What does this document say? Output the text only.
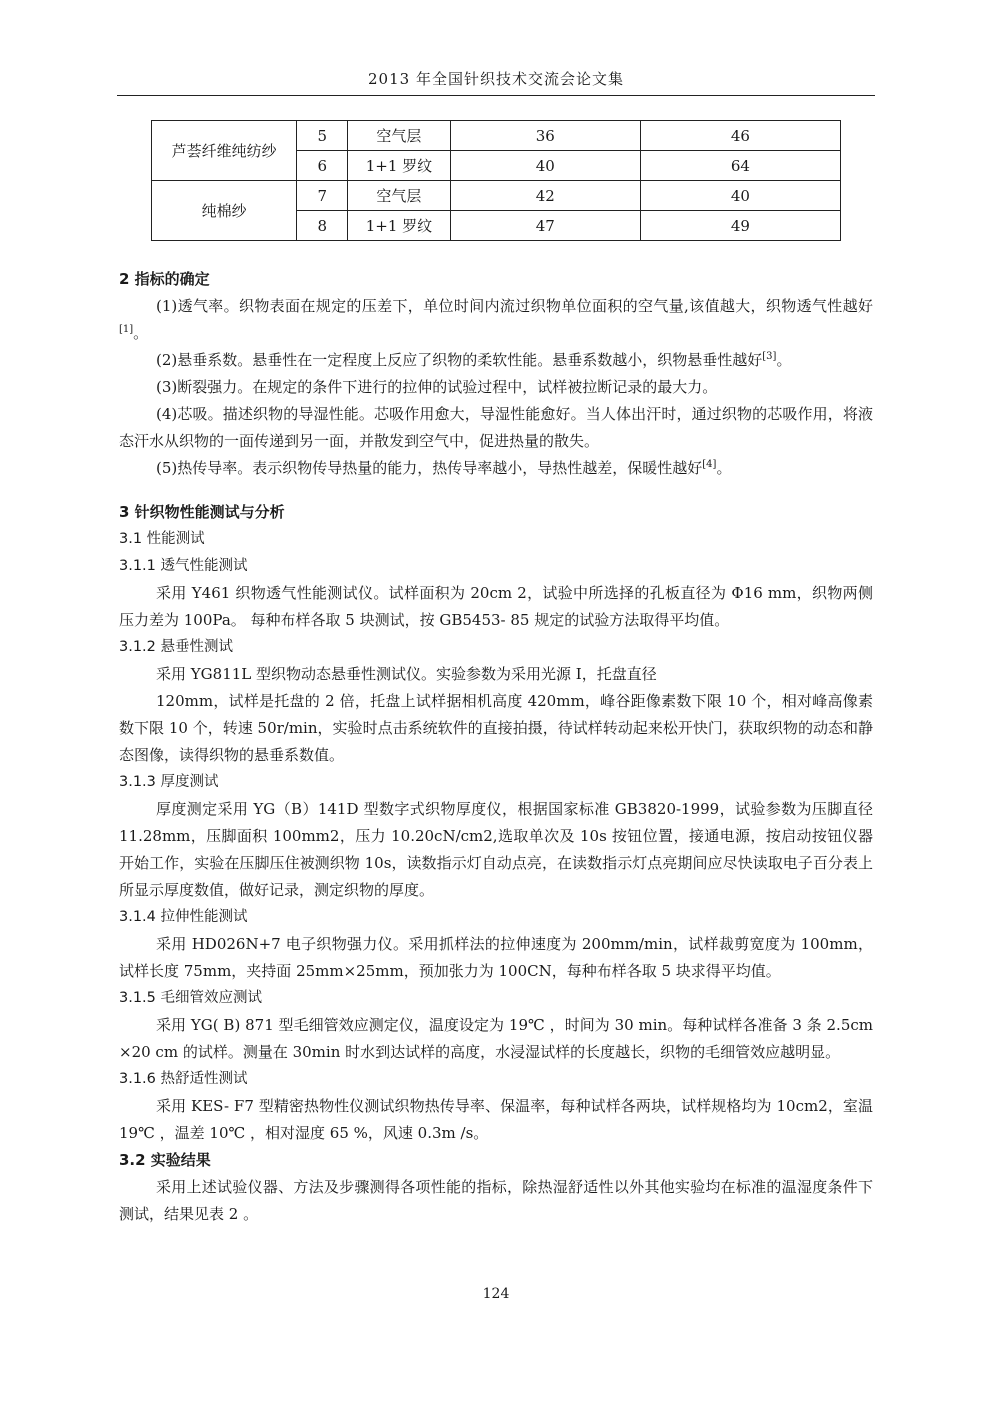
2013 年全国针织技术交流会论文集
芦荟纤维纯纺纱	5	空气层	36	46
	6	1+1 罗纹	40	64
纯棉纱	7	空气层	42	40
	8	1+1 罗纹	47	49

2 指标的确定

(1)透气率。织物表面在规定的压差下，单位时间内流过织物单位面积的空气量,该值越大，织物透气性越好[1]。

(2)悬垂系数。悬垂性在一定程度上反应了织物的柔软性能。悬垂系数越小，织物悬垂性越好[3]。

(3)断裂强力。在规定的条件下进行的拉伸的试验过程中，试样被拉断记录的最大力。

(4)芯吸。描述织物的导湿性能。芯吸作用愈大，导湿性能愈好。当人体出汗时，通过织物的芯吸作用，将液态汗水从织物的一面传递到另一面，并散发到空气中，促进热量的散失。

(5)热传导率。表示织物传导热量的能力，热传导率越小，导热性越差，保暖性越好[4]。

3 针织物性能测试与分析

3.1 性能测试

3.1.1 透气性能测试

采用 Y461 织物透气性能测试仪。试样面积为 20cm 2，试验中所选择的孔板直径为 Φ16 mm，织物两侧压力差为 100Pa。 每种布样各取 5 块测试，按 GB5453- 85 规定的试验方法取得平均值。

3.1.2 悬垂性测试

采用 YG811L 型织物动态悬垂性测试仪。实验参数为采用光源 I，托盘直径

120mm，试样是托盘的 2 倍，托盘上试样据相机高度 420mm，峰谷距像素数下限 10 个，相对峰高像素数下限 10 个，转速 50r/min，实验时点击系统软件的直接拍摄，待试样转动起来松开快门，获取织物的动态和静态图像，读得织物的悬垂系数值。

3.1.3 厚度测试

厚度测定采用 YG（B）141D 型数字式织物厚度仪，根据国家标准 GB3820-1999，试验参数为压脚直径 11.28mm，压脚面积 100mm2，压力 10.20cN/cm2,选取单次及 10s 按钮位置，接通电源，按启动按钮仪器开始工作，实验在压脚压住被测织物 10s，读数指示灯自动点亮，在读数指示灯点亮期间应尽快读取电子百分表上所显示厚度数值，做好记录，测定织物的厚度。

3.1.4 拉伸性能测试

采用 HD026N+7 电子织物强力仪。采用抓样法的拉伸速度为 200mm/min，试样裁剪宽度为 100mm，试样长度 75mm，夹持面 25mm×25mm，预加张力为 100CN，每种布样各取 5 块求得平均值。

3.1.5 毛细管效应测试

采用 YG( B) 871 型毛细管效应测定仪，温度设定为 19℃ ，时间为 30 min。每种试样各准备 3 条 2.5cm ×20 cm 的试样。测量在 30min 时水到达试样的高度，水浸湿试样的长度越长，织物的毛细管效应越明显。

3.1.6 热舒适性测试

采用 KES- F7 型精密热物性仪测试织物热传导率、保温率，每种试样各两块，试样规格均为 10cm2，室温 19℃ ，温差 10℃ ，相对湿度 65 %，风速 0.3m /s。

3.2 实验结果

采用上述试验仪器、方法及步骤测得各项性能的指标，除热湿舒适性以外其他实验均在标准的温湿度条件下测试，结果见表 2 。

124
